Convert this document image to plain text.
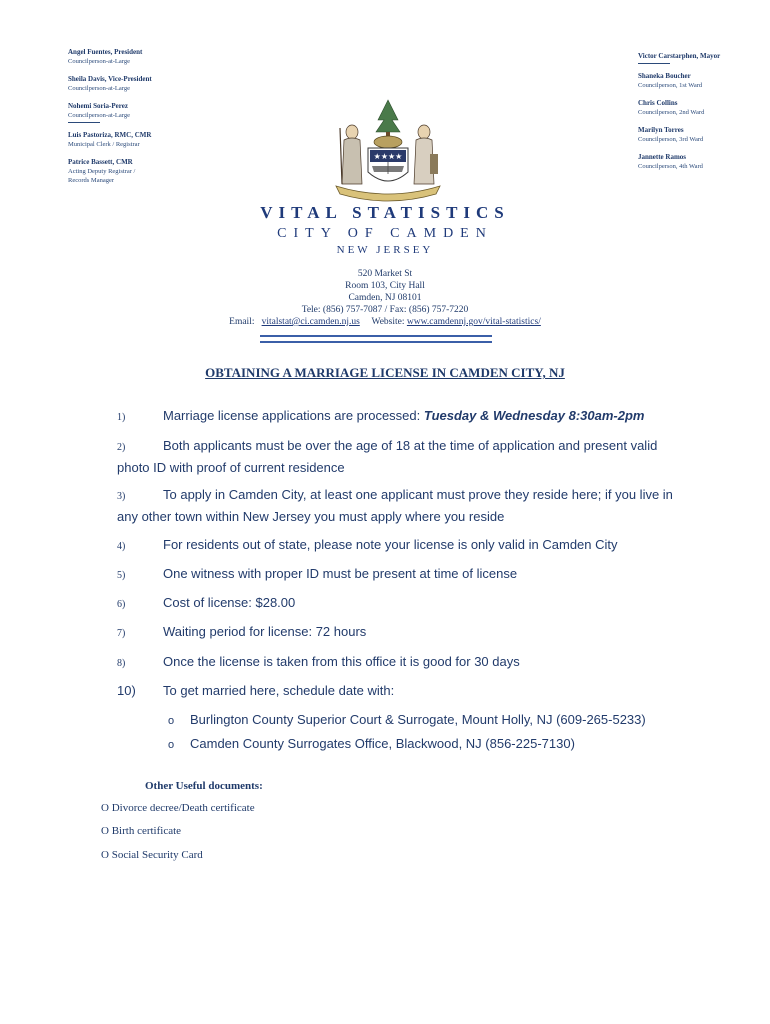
Angel Fuentes, President
Councilperson-at-Large
Sheila Davis, Vice-President
Councilperson-at-Large
Nohemi Soria-Perez
Councilperson-at-Large
Luis Pastoriza, RMC, CMR
Municipal Clerk / Registrar
Patrice Bassett, CMR
Acting Deputy Registrar /
Records Manager
Victor Carstarphen, Mayor
Shaneka Boucher
Councilperson, 1st Ward
Chris Collins
Councilperson, 2nd Ward
Marilyn Torres
Councilperson, 3rd Ward
Jannette Ramos
Councilperson, 4th Ward
★★★★
VITAL STATISTICS
CITY OF CAMDEN
NEW JERSEY
520 Market St
Room 103, City Hall
Camden, NJ 08101
Tele: (856) 757-7087 / Fax: (856) 757-7220
Email: vitalstat@ci.camden.nj.us Website: www.camdennj.gov/vital-statistics/
OBTAINING A MARRIAGE LICENSE IN CAMDEN CITY, NJ
1)	Marriage license applications are processed: Tuesday & Wednesday 8:30am-2pm
2)	Both applicants must be over the age of 18 at the time of application and present valid
photo ID with proof of current residence
3)	To apply in Camden City, at least one applicant must prove they reside here; if you live in
any other town within New Jersey you must apply where you reside
4)	For residents out of state, please note your license is only valid in Camden City
5)	One witness with proper ID must be present at time of license
6)	Cost of license: $28.00
7)	Waiting period for license: 72 hours
8)	Once the license is taken from this office it is good for 30 days
10) To get married here, schedule date with:
o Burlington County Superior Court & Surrogate, Mount Holly, NJ (609-265-5233)
o Camden County Surrogates Office, Blackwood, NJ (856-225-7130)
Other Useful documents:
O Divorce decree/Death certificate
O Birth certificate
O Social Security Card
